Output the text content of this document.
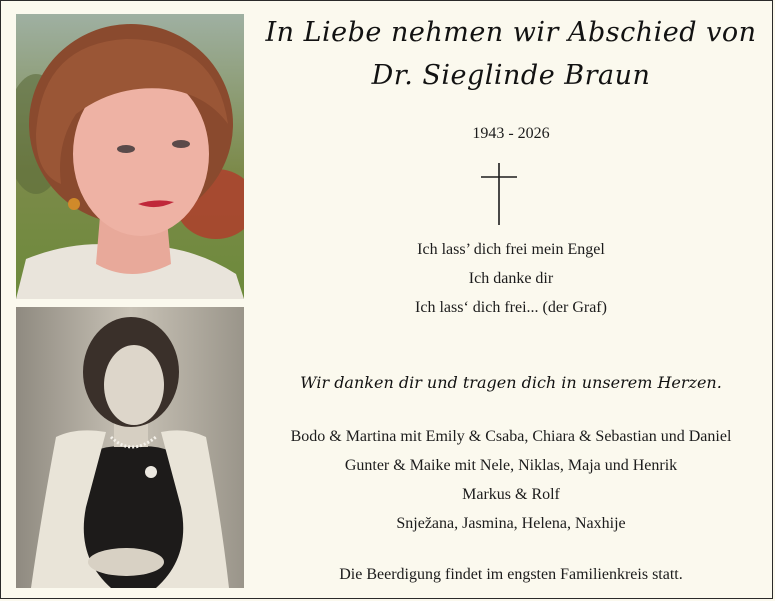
In Liebe nehmen wir Abschied von
Dr. Sieglinde Braun
1943 - 2026
Ich lass’ dich frei mein Engel
Ich danke dir
Ich lass‘ dich frei... (der Graf)
Wir danken dir und tragen dich in unserem Herzen.
Bodo & Martina mit Emily & Csaba, Chiara & Sebastian und Daniel
Gunter & Maike mit Nele, Niklas, Maja und Henrik
Markus & Rolf
Snježana, Jasmina, Helena, Naxhije
Die Beerdigung findet im engsten Familienkreis statt.
